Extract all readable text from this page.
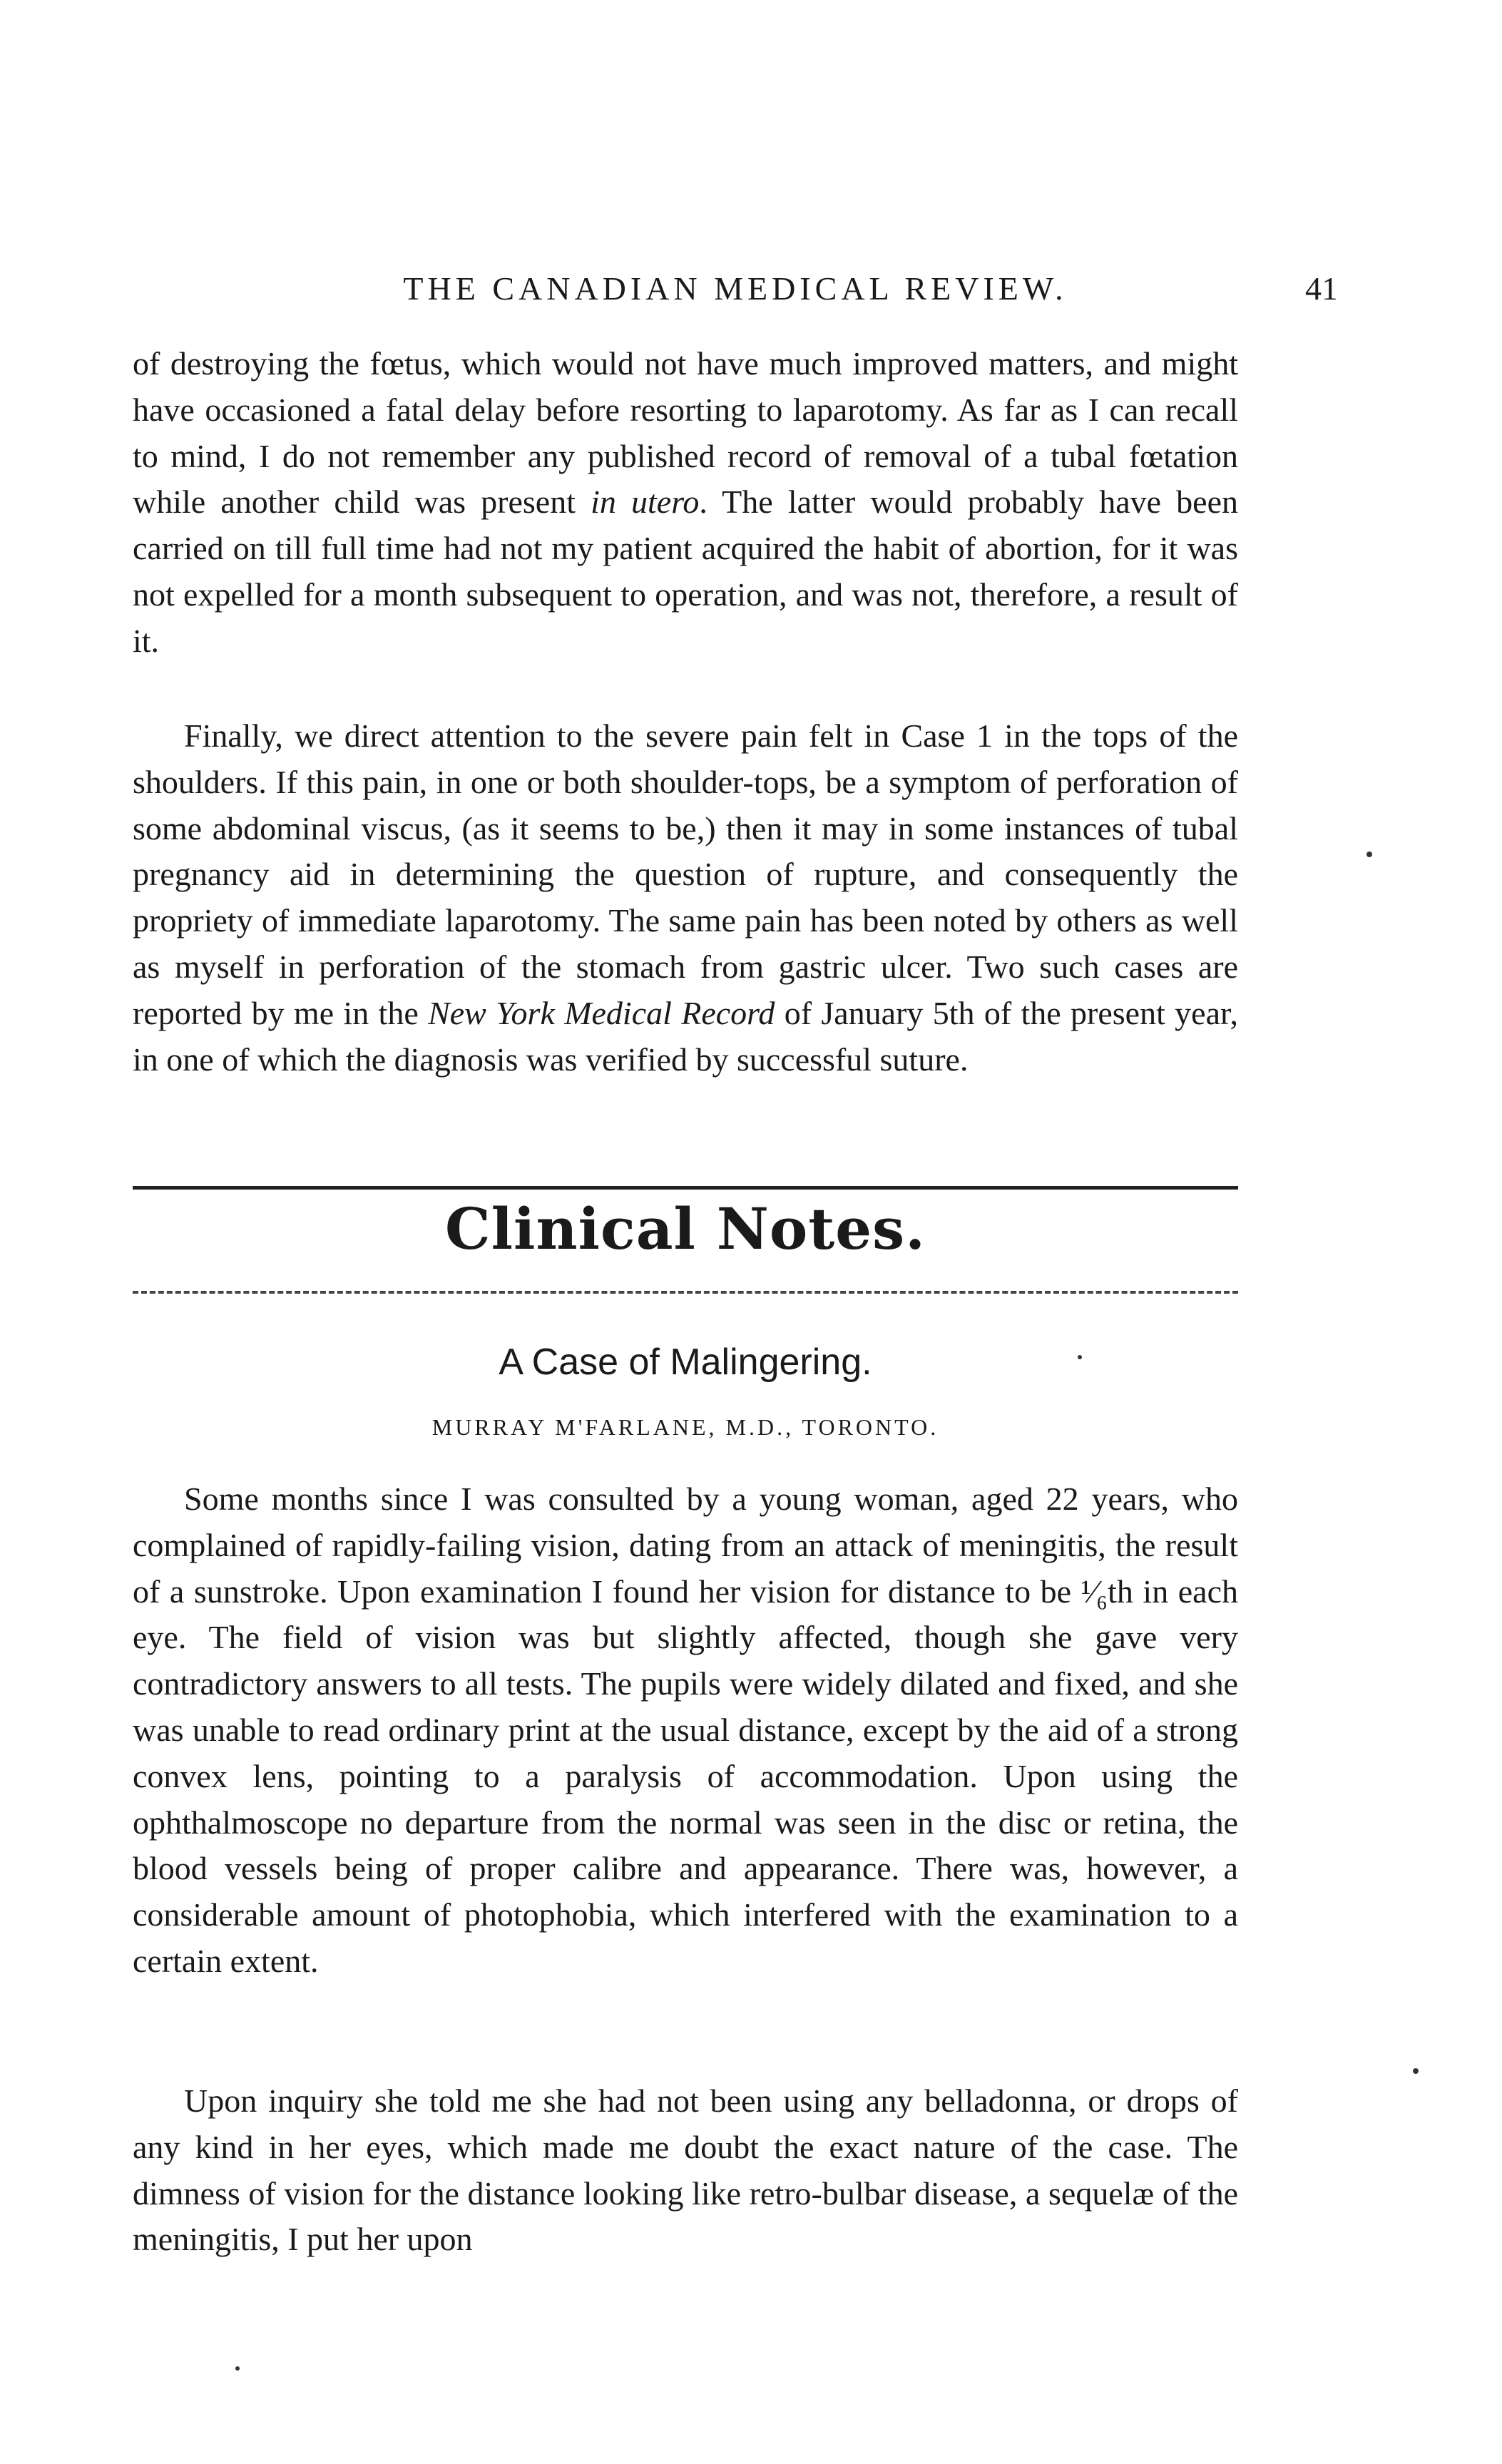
THE CANADIAN MEDICAL REVIEW.	41

of destroying the fœtus, which would not have much improved matters, and might have occasioned a fatal delay before resorting to laparotomy. As far as I can recall to mind, I do not remember any published record of removal of a tubal fœtation while another child was present in utero. The latter would probably have been carried on till full time had not my patient acquired the habit of abortion, for it was not expelled for a month subsequent to operation, and was not, therefore, a result of it.

Finally, we direct attention to the severe pain felt in Case 1 in the tops of the shoulders. If this pain, in one or both shoulder-tops, be a symptom of perforation of some abdominal viscus, (as it seems to be,) then it may in some instances of tubal pregnancy aid in determining the question of rupture, and consequently the propriety of immediate laparotomy. The same pain has been noted by others as well as myself in perforation of the stomach from gastric ulcer. Two such cases are reported by me in the New York Medical Record of January 5th of the present year, in one of which the diagnosis was verified by successful suture.

Clinical Notes.
A Case of Malingering.
MURRAY M'FARLANE, M.D., TORONTO.

Some months since I was consulted by a young woman, aged 22 years, who complained of rapidly-failing vision, dating from an attack of meningitis, the result of a sunstroke. Upon examination I found her vision for distance to be ¹⁄₆th in each eye. The field of vision was but slightly affected, though she gave very contradictory answers to all tests. The pupils were widely dilated and fixed, and she was unable to read ordinary print at the usual distance, except by the aid of a strong convex lens, pointing to a paralysis of accommodation. Upon using the ophthalmoscope no departure from the normal was seen in the disc or retina, the blood vessels being of proper calibre and appearance. There was, however, a considerable amount of photophobia, which interfered with the examination to a certain extent.

Upon inquiry she told me she had not been using any belladonna, or drops of any kind in her eyes, which made me doubt the exact nature of the case. The dimness of vision for the distance looking like retro-bulbar disease, a sequelæ of the meningitis, I put her upon
